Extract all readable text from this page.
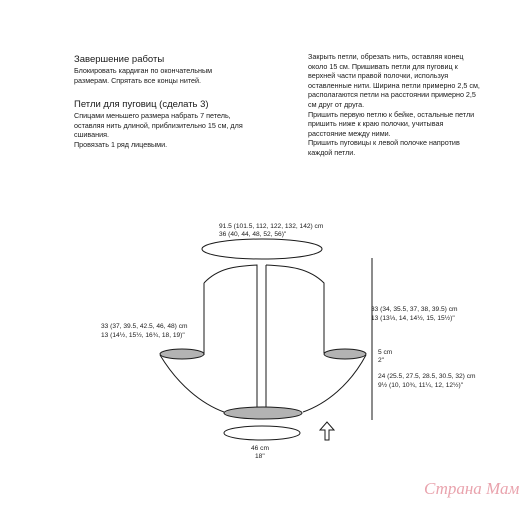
Завершение работы
Блокировать кардиган по окончательным
размерам. Спрятать все концы нитей.
Петли для пуговиц (сделать 3)
Спицами меньшего размера набрать 7 петель,
оставляя нить длиной, приблизительно 15 см, для
сшивания.
Провязать 1 ряд лицевыми.
Закрыть петли, обрезать нить, оставляя конец
около 15 см. Пришивать петли для пуговиц к
верхней части правой полочки, используя
оставленные нити. Ширина петли примерно 2,5 см,
располагаются петли на расстоянии примерно 2,5
см друг от друга.
Пришить первую петлю к бейке, остальные петли
пришить ниже к краю полочки, учитывая
расстояние между ними.
Пришить пуговицы к левой полочке напротив
каждой петли.
91.5 (101.5, 112, 122, 132, 142) cm
36 (40, 44, 48, 52, 56)"
46 cm
18"
33 (37, 39.5, 42.5, 46, 48) cm
13 (14½, 15½, 16¾, 18, 19)"
33 (34, 35.5, 37, 38, 39.5) cm
13 (13⅓, 14, 14½, 15, 15½)"
5 cm
2"
24 (25.5, 27.5, 28.5, 30.5, 32) cm
9½ (10, 10¾, 11¼, 12, 12½)"
Страна Мам
